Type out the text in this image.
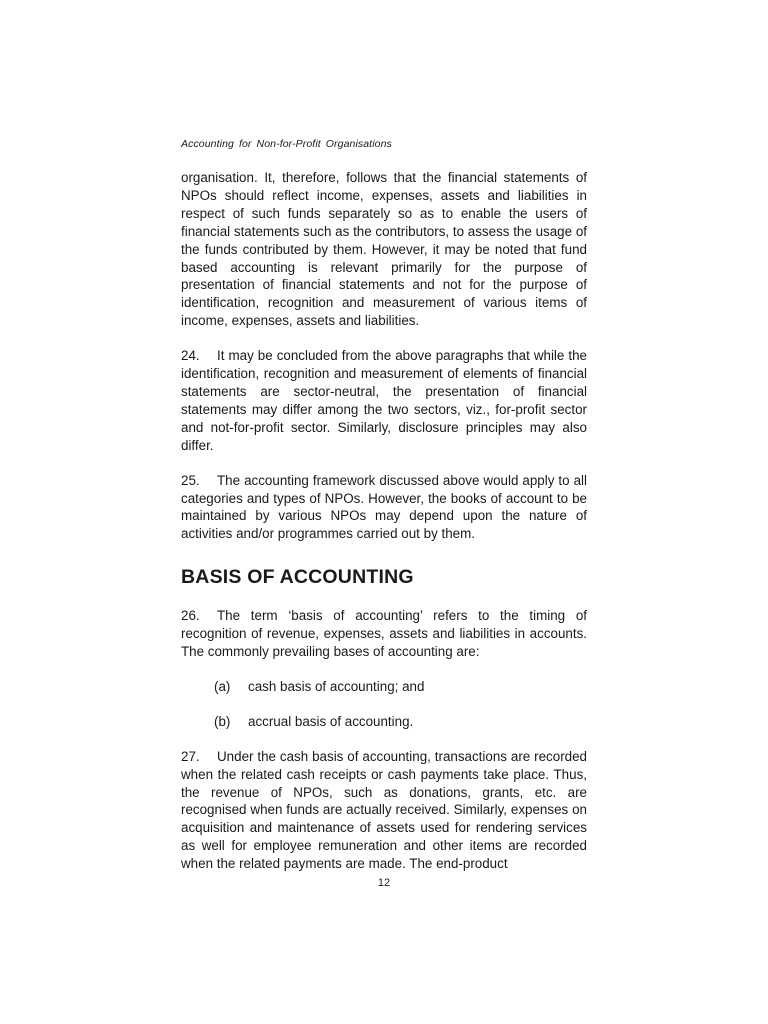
Accounting for Non-for-Profit Organisations

organisation. It, therefore, follows that the financial statements of NPOs should reflect income, expenses, assets and liabilities in respect of such funds separately so as to enable the users of financial statements such as the contributors, to assess the usage of the funds contributed by them. However, it may be noted that fund based accounting is relevant primarily for the purpose of presentation of financial statements and not for the purpose of identification, recognition and measurement of various items of income, expenses, assets and liabilities.

24. It may be concluded from the above paragraphs that while the identification, recognition and measurement of elements of financial statements are sector-neutral, the presentation of financial statements may differ among the two sectors, viz., for-profit sector and not-for-profit sector. Similarly, disclosure principles may also differ.

25. The accounting framework discussed above would apply to all categories and types of NPOs. However, the books of account to be maintained by various NPOs may depend upon the nature of activities and/or programmes carried out by them.

BASIS OF ACCOUNTING

26. The term ‘basis of accounting’ refers to the timing of recognition of revenue, expenses, assets and liabilities in accounts. The commonly prevailing bases of accounting are:

(a)	cash basis of accounting; and
(b)	accrual basis of accounting.

27. Under the cash basis of accounting, transactions are recorded when the related cash receipts or cash payments take place. Thus, the revenue of NPOs, such as donations, grants, etc. are recognised when funds are actually received. Similarly, expenses on acquisition and maintenance of assets used for rendering services as well for employee remuneration and other items are recorded when the related payments are made. The end-product

12
